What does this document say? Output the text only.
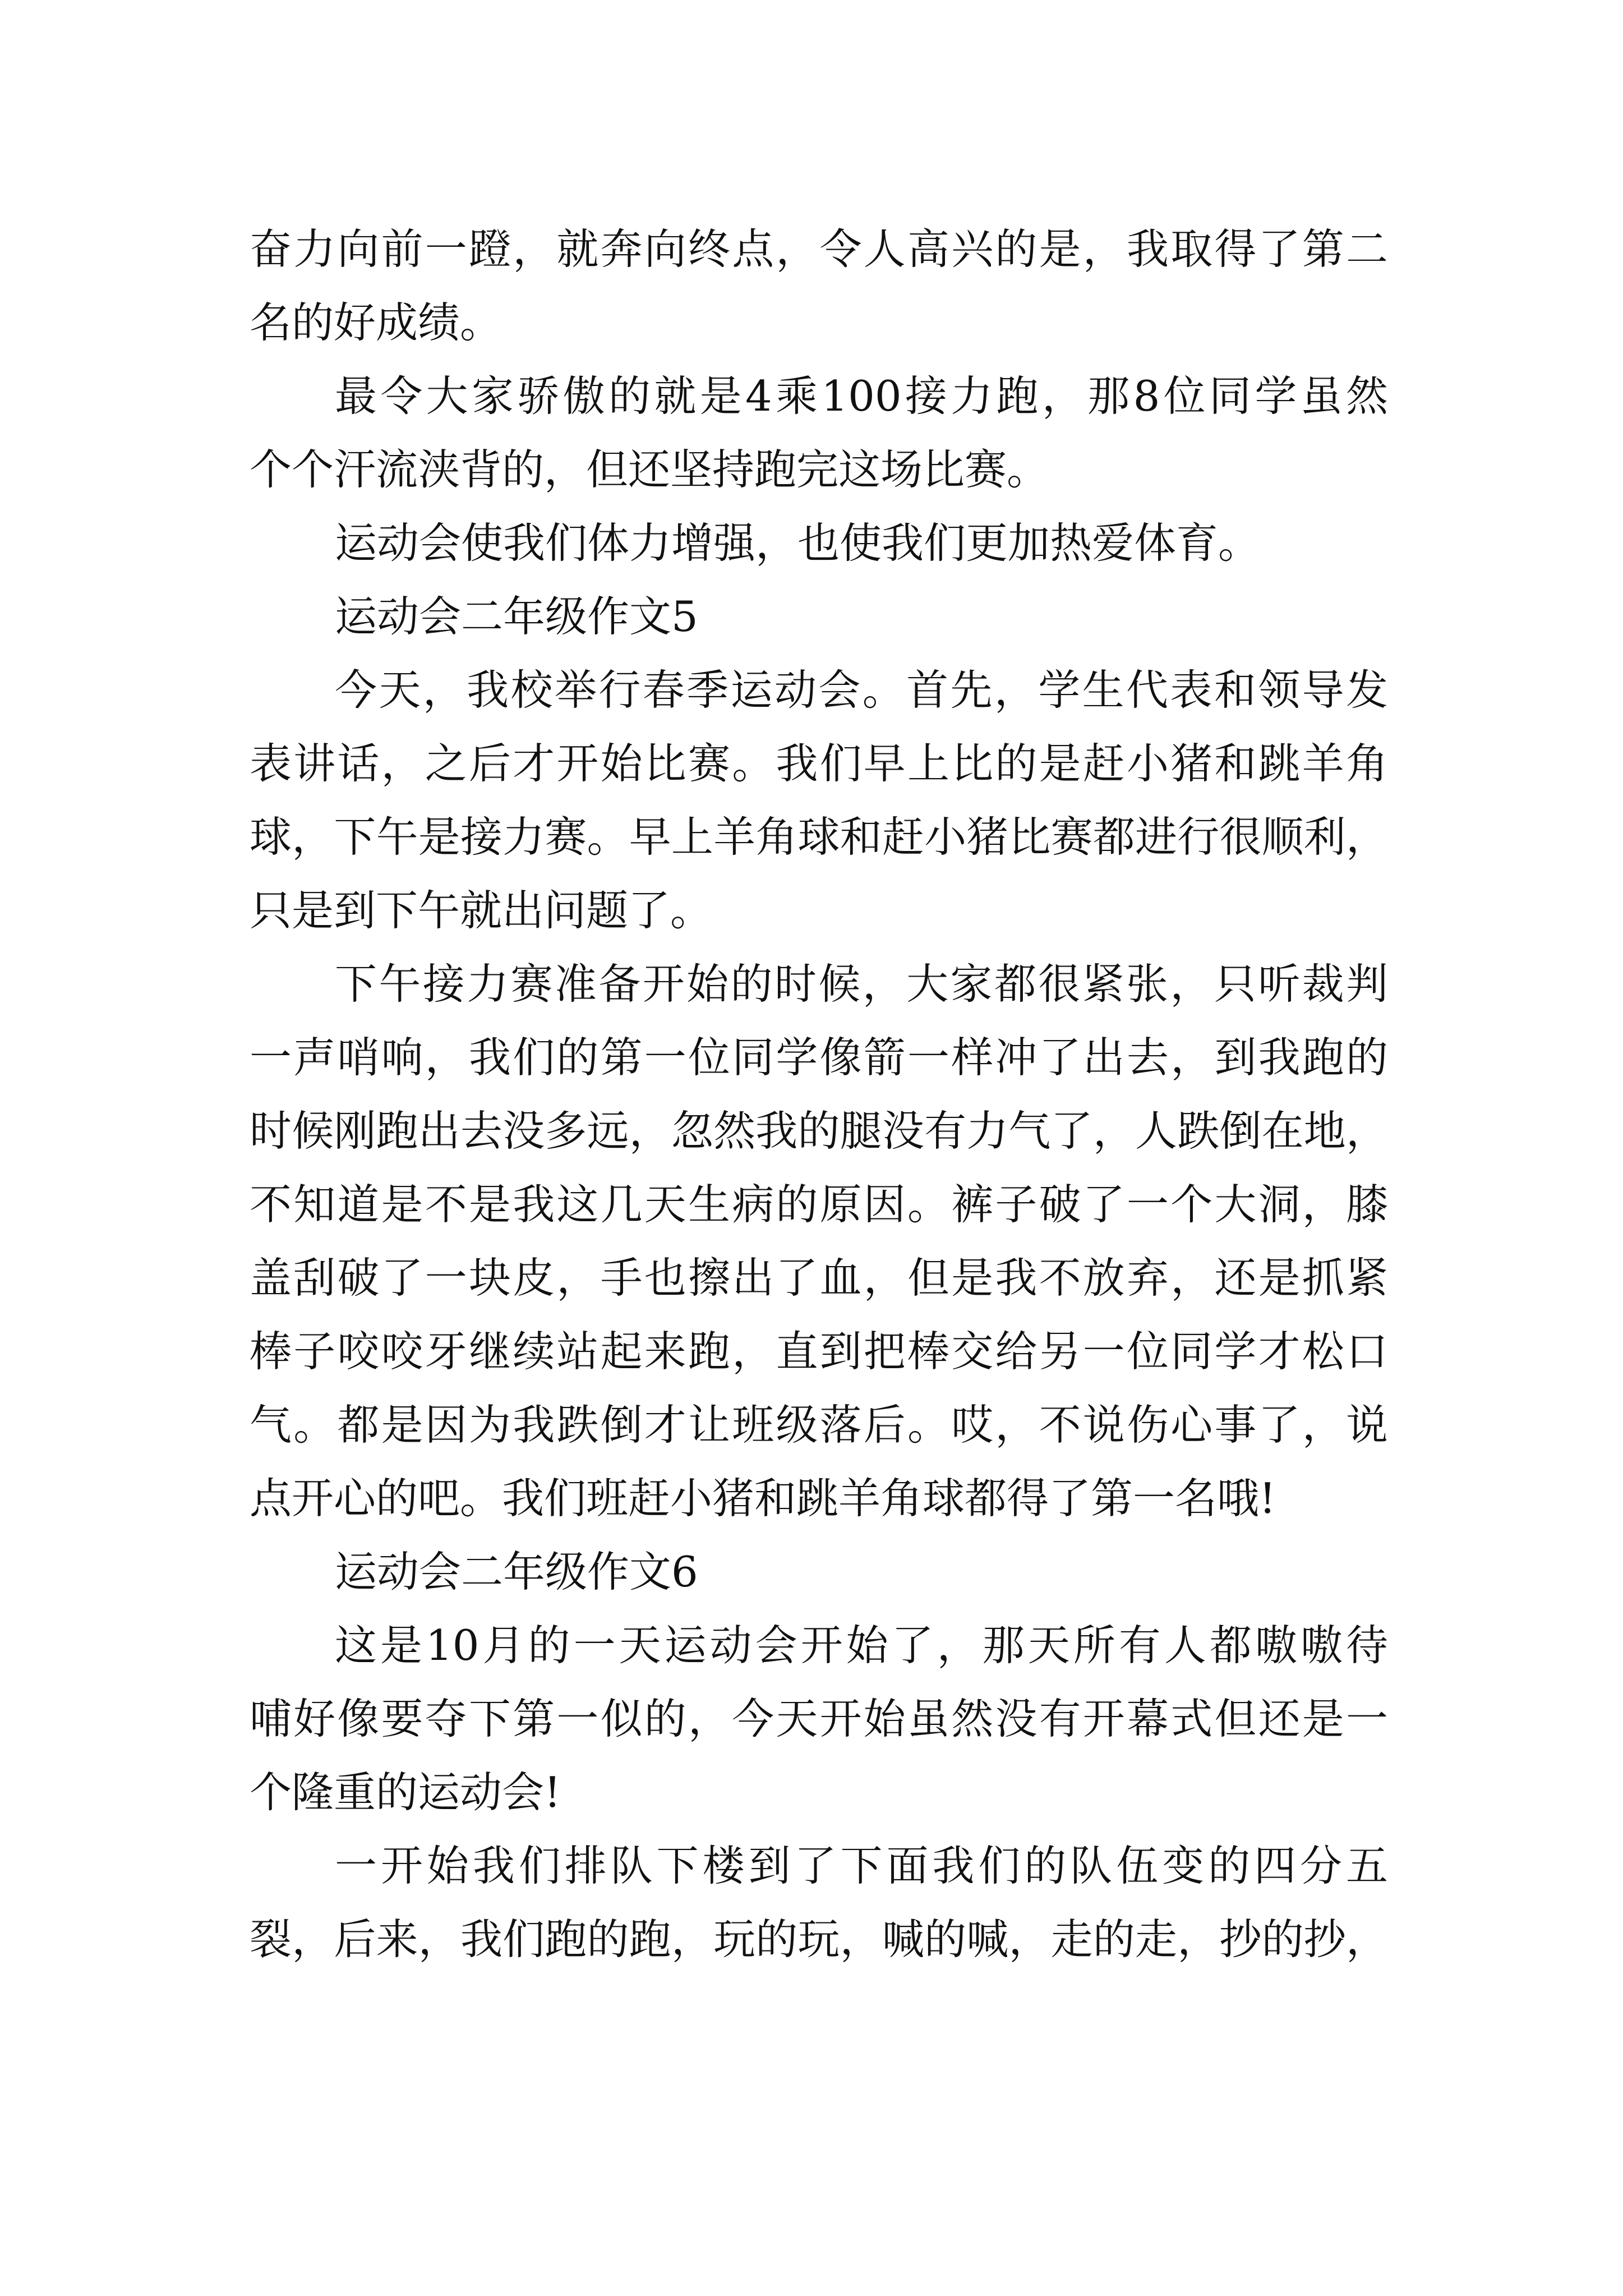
奋力向前一蹬，就奔向终点，令人高兴的是，我取得了第二
名的好成绩。
最令大家骄傲的就是4乘100接力跑，那8位同学虽然
个个汗流浃背的，但还坚持跑完这场比赛。
运动会使我们体力增强，也使我们更加热爱体育。
运动会二年级作文5
今天，我校举行春季运动会。首先，学生代表和领导发
表讲话，之后才开始比赛。我们早上比的是赶小猪和跳羊角
球，下午是接力赛。早上羊角球和赶小猪比赛都进行很顺利，
只是到下午就出问题了。
下午接力赛准备开始的时候，大家都很紧张，只听裁判
一声哨响，我们的第一位同学像箭一样冲了出去，到我跑的
时候刚跑出去没多远，忽然我的腿没有力气了，人跌倒在地，
不知道是不是我这几天生病的原因。裤子破了一个大洞，膝
盖刮破了一块皮，手也擦出了血，但是我不放弃，还是抓紧
棒子咬咬牙继续站起来跑，直到把棒交给另一位同学才松口
气。都是因为我跌倒才让班级落后。哎，不说伤心事了，说
点开心的吧。我们班赶小猪和跳羊角球都得了第一名哦!
运动会二年级作文6
这是10月的一天运动会开始了，那天所有人都嗷嗷待
哺好像要夺下第一似的，今天开始虽然没有开幕式但还是一
个隆重的运动会!
一开始我们排队下楼到了下面我们的队伍变的四分五
裂，后来，我们跑的跑，玩的玩，喊的喊，走的走，抄的抄，
